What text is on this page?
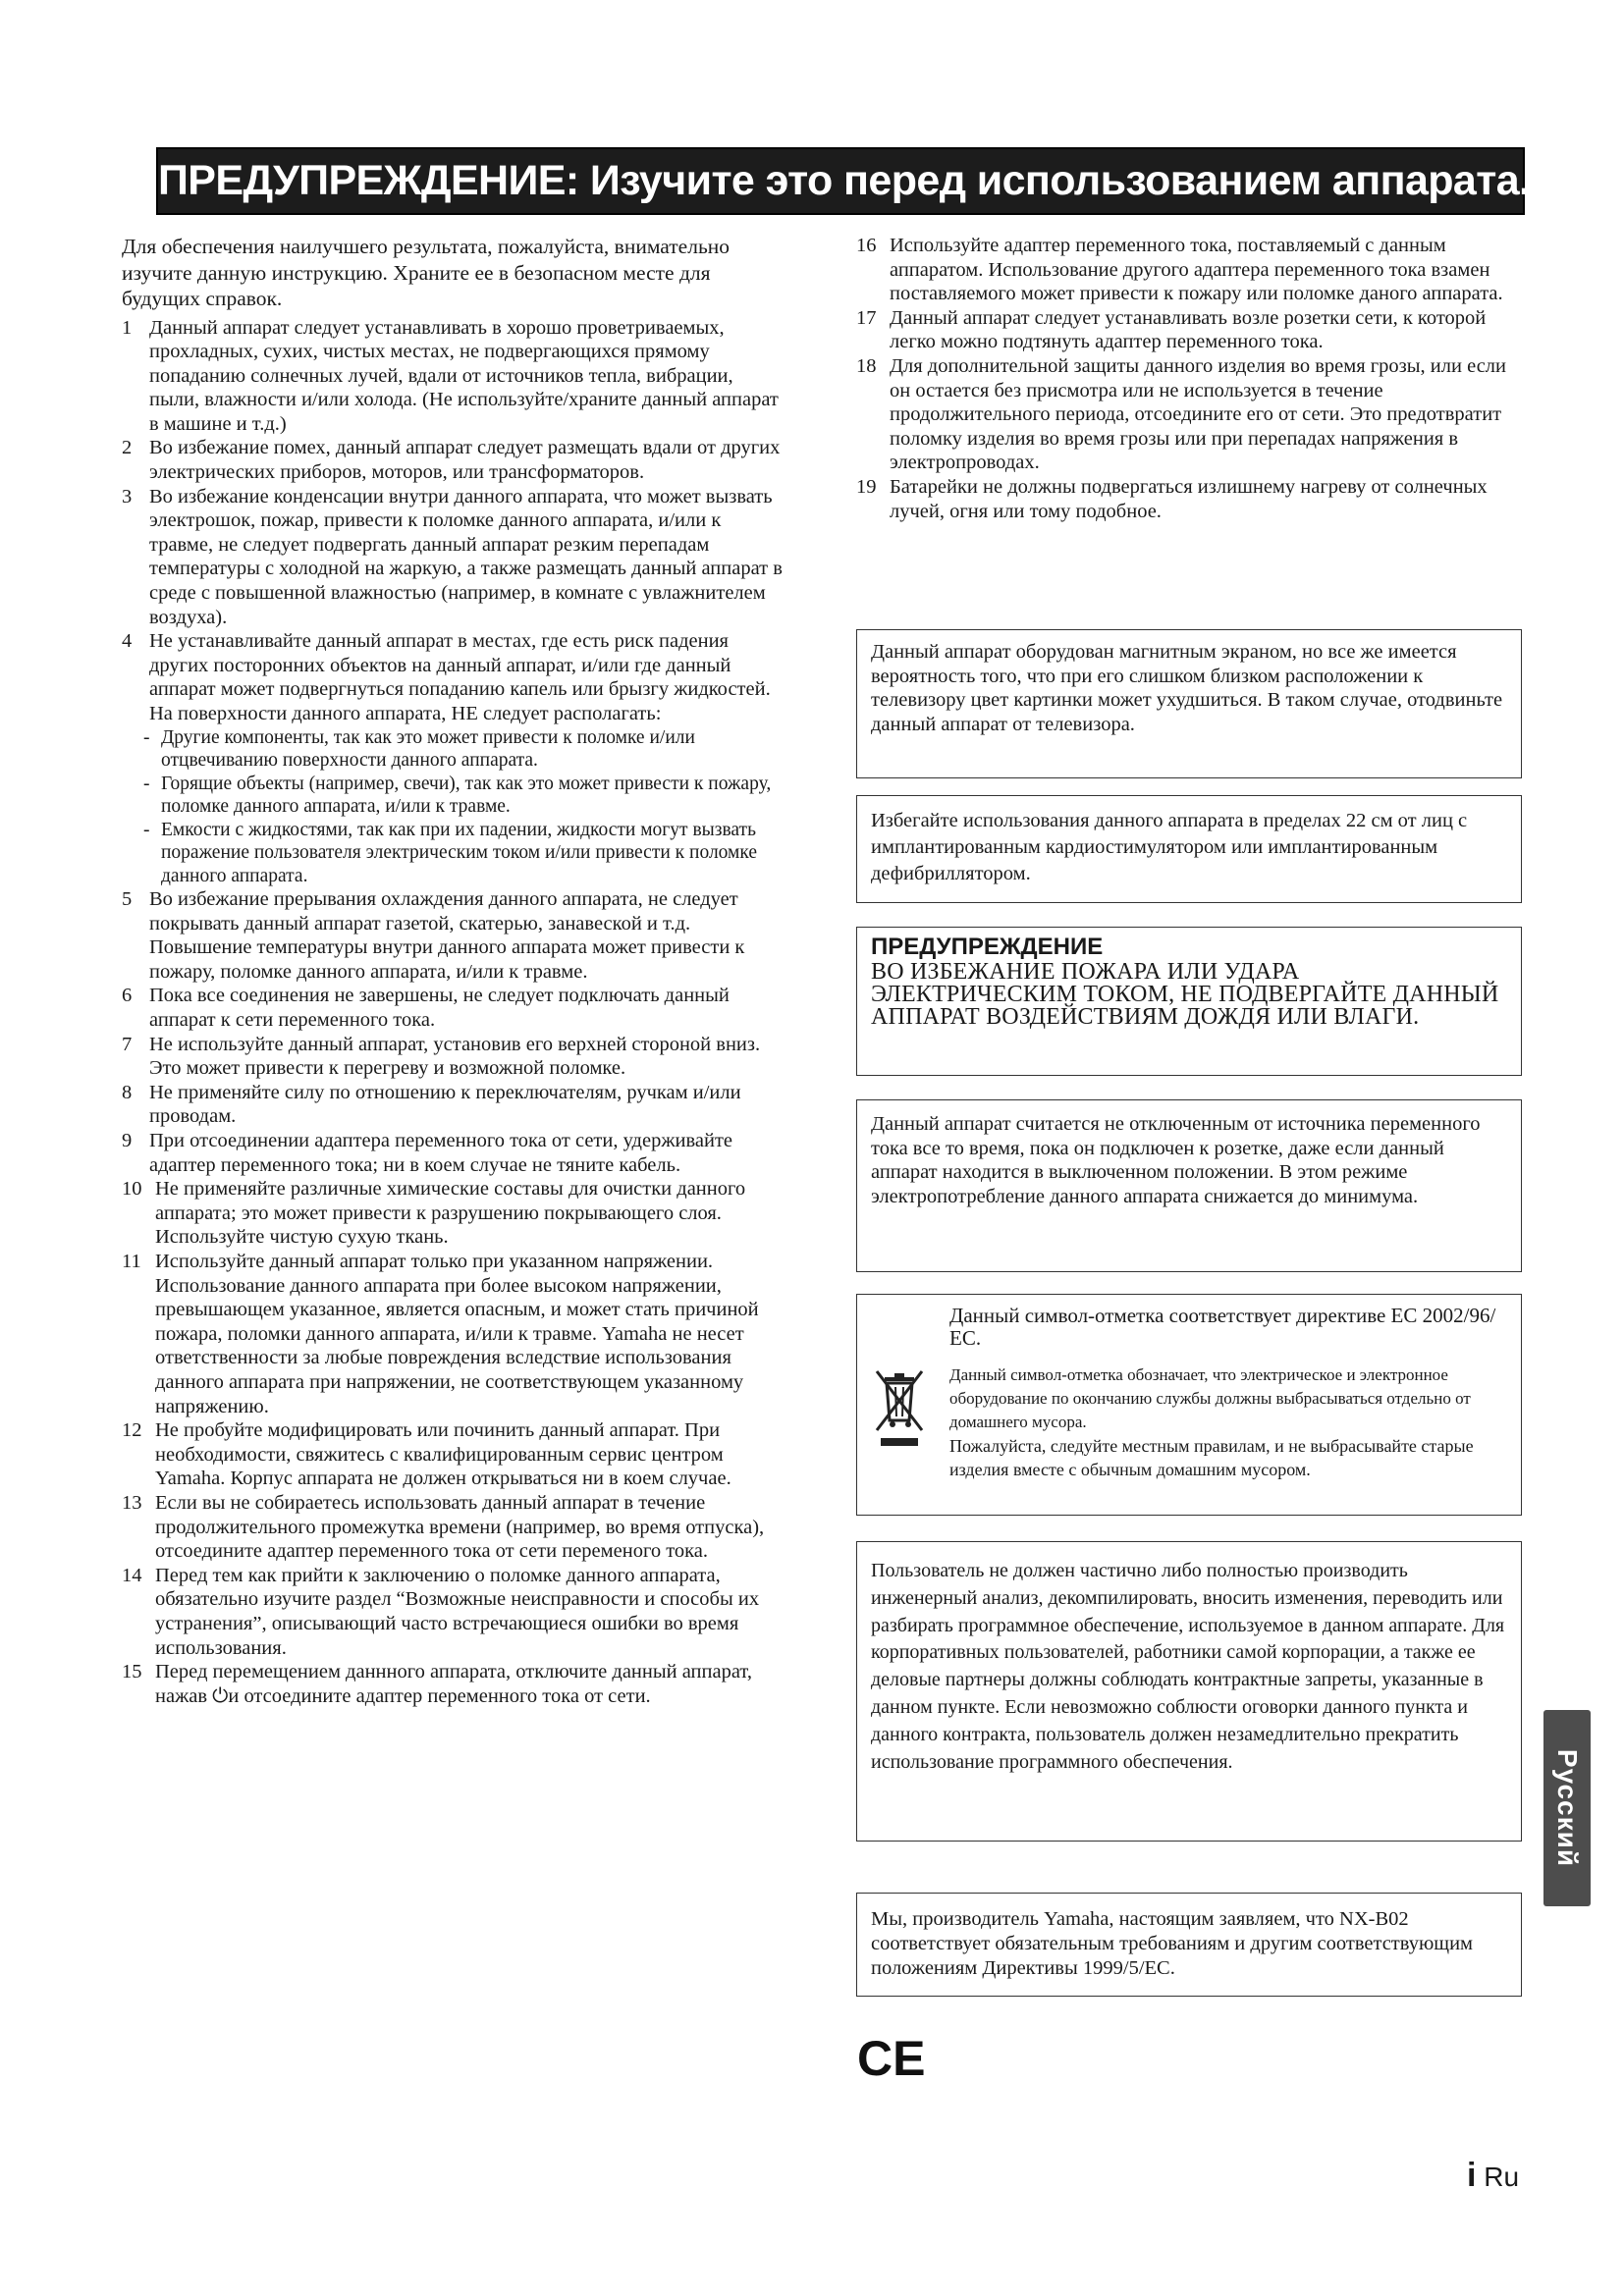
ПРЕДУПРЕЖДЕНИЕ: Изучите это перед использованием аппарата.

Для обеспечения наилучшего результата, пожалуйста, внимательно изучите данную инструкцию. Храните ее в безопасном месте для будущих справок.

1 Данный аппарат следует устанавливать в хорошо проветриваемых, прохладных, сухих, чистых местах, не подвергающихся прямому попаданию солнечных лучей, вдали от источников тепла, вибрации, пыли, влажности и/или холода. (Не используйте/храните данный аппарат в машине и т.д.)
2 Во избежание помех, данный аппарат следует размещать вдали от других электрических приборов, моторов, или трансформаторов.
3 Во избежание конденсации внутри данного аппарата, что может вызвать электрошок, пожар, привести к поломке данного аппарата, и/или к травме, не следует подвергать данный аппарат резким перепадам температуры с холодной на жаркую, а также размещать данный аппарат в среде с повышенной влажностью (например, в комнате с увлажнителем воздуха).
4 Не устанавливайте данный аппарат в местах, где есть риск падения других посторонних объектов на данный аппарат, и/или где данный аппарат может подвергнуться попаданию капель или брызгу жидкостей. На поверхности данного аппарата, НЕ следует располагать:
- Другие компоненты, так как это может привести к поломке и/или отцвечиванию поверхности данного аппарата.
- Горящие объекты (например, свечи), так как это может привести к пожару, поломке данного аппарата, и/или к травме.
- Емкости с жидкостями, так как при их падении, жидкости могут вызвать поражение пользователя электрическим током и/или привести к поломке данного аппарата.
5 Во избежание прерывания охлаждения данного аппарата, не следует покрывать данный аппарат газетой, скатерью, занавеской и т.д. Повышение температуры внутри данного аппарата может привести к пожару, поломке данного аппарата, и/или к травме.
6 Пока все соединения не завершены, не следует подключать данный аппарат к сети переменного тока.
7 Не используйте данный аппарат, установив его верхней стороной вниз. Это может привести к перегреву и возможной поломке.
8 Не применяйте силу по отношению к переключателям, ручкам и/или проводам.
9 При отсоединении адаптера переменного тока от сети, удерживайте адаптер переменного тока; ни в коем случае не тяните кабель.
10 Не применяйте различные химические составы для очистки данного аппарата; это может привести к разрушению покрывающего слоя. Используйте чистую сухую ткань.
11 Используйте данный аппарат только при указанном напряжении. Использование данного аппарата при более высоком напряжении, превышающем указанное, является опасным, и может стать причиной пожара, поломки данного аппарата, и/или к травме. Yamaha не несет ответственности за любые повреждения вследствие использования данного аппарата при напряжении, не соответствующем указанному напряжению.
12 Не пробуйте модифицировать или починить данный аппарат. При необходимости, свяжитесь с квалифицированным сервис центром Yamaha. Корпус аппарата не должен открываться ни в коем случае.
13 Если вы не собираетесь использовать данный аппарат в течение продолжительного промежутка времени (например, во время отпуска), отсоедините адаптер переменного тока от сети переменого тока.
14 Перед тем как прийти к заключению о поломке данного аппарата, обязательно изучите раздел “Возможные неисправности и способы их устранения”, описывающий часто встречающиеся ошибки во время использования.
15 Перед перемещением даннного аппарата, отключите данный аппарат, нажав ⏻и отсоедините адаптер переменного тока от сети.
16 Используйте адаптер переменного тока, поставляемый с данным аппаратом. Использование другого адаптера переменного тока взамен поставляемого может привести к пожару или поломке даного аппарата.
17 Данный аппарат следует устанавливать возле розетки сети, к которой легко можно подтянуть адаптер переменного тока.
18 Для дополнительной защиты данного изделия во время грозы, или если он остается без присмотра или не используется в течение продолжительного периода, отсоедините его от сети. Это предотвратит поломку изделия во время грозы или при перепадах напряжения в электропроводах.
19 Батарейки не должны подвергаться излишнему нагреву от солнечных лучей, огня или тому подобное.
Данный аппарат оборудован магнитным экраном, но все же имеется вероятность того, что при его слишком близком расположении к телевизору цвет картинки может ухудшиться. В таком случае, отодвиньте данный аппарат от телевизора.
Избегайте использования данного аппарата в пределах 22 см от лиц с имплантированным кардиостимулятором или имплантированным дефибриллятором.

ПРЕДУПРЕЖДЕНИЕ

ВО ИЗБЕЖАНИЕ ПОЖАРА ИЛИ УДАРА ЭЛЕКТРИЧЕСКИМ ТОКОМ, НЕ ПОДВЕРГАЙТЕ ДАННЫЙ АППАРАТ ВОЗДЕЙСТВИЯМ ДОЖДЯ ИЛИ ВЛАГИ.

Данный аппарат считается не отключенным от источника переменного тока все то время, пока он подключен к розетке, даже если данный аппарат находится в выключенном положении. В этом режиме электропотребление данного аппарата снижается до минимума.
Данный символ-отметка соответствует директиве ЕС 2002/96/ЕС.
Данный символ-отметка обозначает, что электрическое и электронное оборудование по окончанию службы должны выбрасываться отдельно от домашнего мусора.
Пожалуйста, следуйте местным правилам, и не выбрасывайте старые изделия вместе с обычным домашним мусором.
Пользователь не должен частично либо полностью производить инженерный анализ, декомпилировать, вносить изменения, переводить или разбирать программное обеспечение, используемое в данном аппарате. Для корпоративных пользователей, работники самой корпорации, а также ее деловые партнеры должны соблюдать контрактные запреты, указанные в данном пункте. Если невозможно соблюсти оговорки данного пункта и данного контракта, пользователь должен незамедлительно прекратить использование программного обеспечения.
Мы, производитель Yamaha, настоящим заявляем, что NX-B02 соответствует обязательным требованиям и другим соответствующим положениям Директивы 1999/5/ЕС.
CE
Русский
i Ru
